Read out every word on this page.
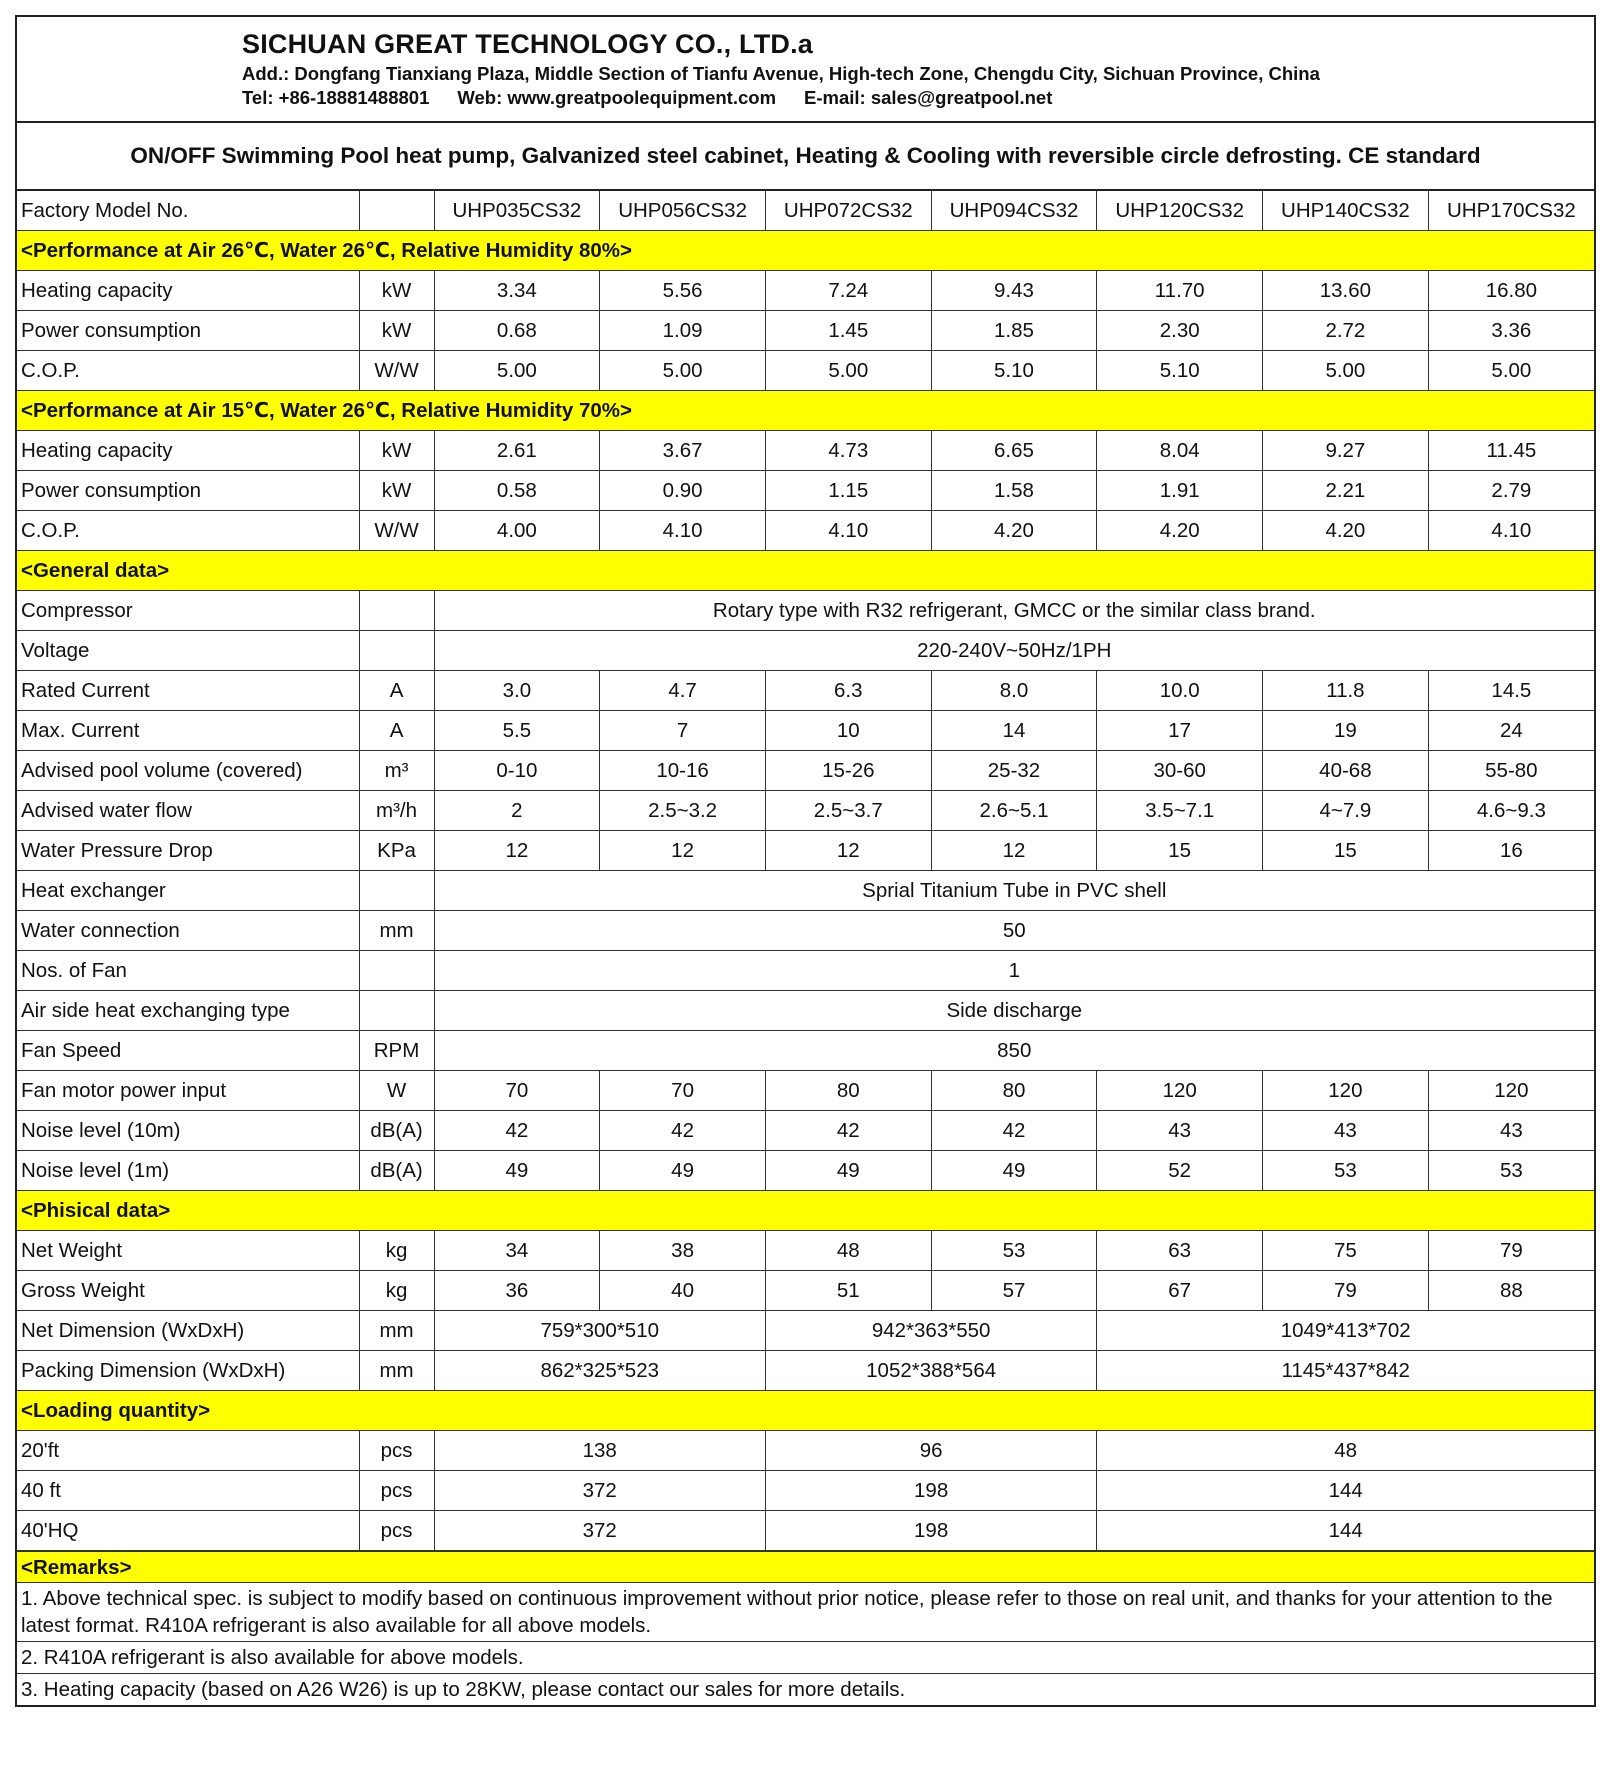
SICHUAN GREAT TECHNOLOGY CO., LTD.a
Add.: Dongfang Tianxiang Plaza, Middle Section of Tianfu Avenue, High-tech Zone, Chengdu City, Sichuan Province, China
Tel: +86-18881488801 Web: www.greatpoolequipment.com E-mail: sales@greatpool.net
ON/OFF Swimming Pool heat pump, Galvanized steel cabinet, Heating & Cooling with reversible circle defrosting. CE standard
Factory Model No.		UHP035CS32	UHP056CS32	UHP072CS32	UHP094CS32	UHP120CS32	UHP140CS32	UHP170CS32
<Performance at Air 26℃, Water 26℃, Relative Humidity 80%>								
Heating capacity	kW	3.34	5.56	7.24	9.43	11.70	13.60	16.80
Power consumption	kW	0.68	1.09	1.45	1.85	2.30	2.72	3.36
C.O.P.	W/W	5.00	5.00	5.00	5.10	5.10	5.00	5.00
<Performance at Air 15℃, Water 26℃, Relative Humidity 70%>								
Heating capacity	kW	2.61	3.67	4.73	6.65	8.04	9.27	11.45
Power consumption	kW	0.58	0.90	1.15	1.58	1.91	2.21	2.79
C.O.P.	W/W	4.00	4.10	4.10	4.20	4.20	4.20	4.10
<General data>								
Compressor		Rotary type with R32 refrigerant, GMCC or the similar class brand.						
Voltage		220-240V~50Hz/1PH						
Rated Current	A	3.0	4.7	6.3	8.0	10.0	11.8	14.5
Max. Current	A	5.5	7	10	14	17	19	24
Advised pool volume (covered)	m³	0-10	10-16	15-26	25-32	30-60	40-68	55-80
Advised water flow	m³/h	2	2.5~3.2	2.5~3.7	2.6~5.1	3.5~7.1	4~7.9	4.6~9.3
Water Pressure Drop	KPa	12	12	12	12	15	15	16
Heat exchanger		Sprial Titanium Tube in PVC shell						
Water connection	mm	50						
Nos. of Fan		1						
Air side heat exchanging type		Side discharge						
Fan Speed	RPM	850						
Fan motor power input	W	70	70	80	80	120	120	120
Noise level (10m)	dB(A)	42	42	42	42	43	43	43
Noise level (1m)	dB(A)	49	49	49	49	52	53	53
<Phisical data>								
Net Weight	kg	34	38	48	53	63	75	79
Gross Weight	kg	36	40	51	57	67	79	88
Net Dimension (WxDxH)	mm	759*300*510		942*363*550		1049*413*702		
Packing Dimension (WxDxH)	mm	862*325*523		1052*388*564		1145*437*842		
<Loading quantity>								
20'ft	pcs	138		96		48		
40 ft	pcs	372		198		144		
40'HQ	pcs	372		198		144		
<Remarks>
1. Above technical spec. is subject to modify based on continuous improvement without prior notice, please refer to those on real unit, and thanks for your attention to the latest format. R410A refrigerant is also available for all above models.
2. R410A refrigerant is also available for above models.
3. Heating capacity (based on A26 W26) is up to 28KW, please contact our sales for more details.
